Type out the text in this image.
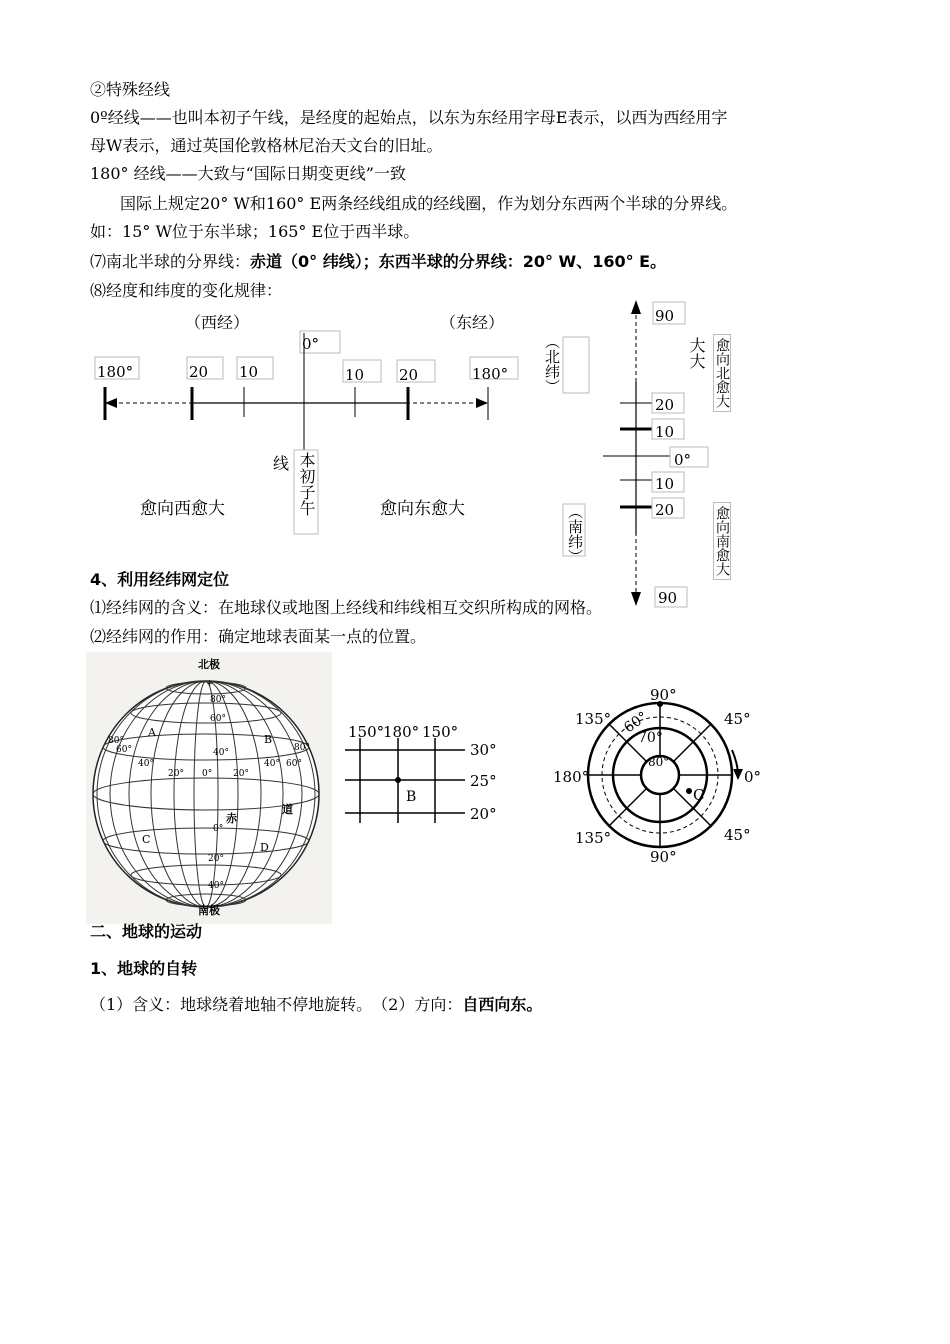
②特殊经线
0º经线——也叫本初子午线，是经度的起始点，以东为东经用字母E表示，以西为西经用字
母W表示，通过英国伦敦格林尼治天文台的旧址。
180° 经线——大致与“国际日期变更线”一致
国际上规定20° W和160° E两条经线组成的经线圈，作为划分东西两个半球的分界线。
如：15° W位于东半球；165° E位于西半球。
⑺南北半球的分界线：赤道（0° 纬线）；东西半球的分界线：20° W、160° E。
⑻经度和纬度的变化规律：
（西经）	（东经）
0°
180°	20 10	10 20	180°
线
愈向西愈大	愈向东愈大
本初子午
90
20
10
0°
10
20
90
（北纬）
（南纬）
大大 愈向北愈大
愈向南愈大
4、利用经纬网定位
⑴经纬网的含义：在地球仪或地图上经线和纬线相互交织所构成的网格。
⑵经纬网的作用：确定地球表面某一点的位置。
北极
南极
+
80°
60°
40°
0°
20°
40°
80°
60°
40°
20° 0° 20°
40° 60°
80°
A
B
C
D
赤
道
150°
180° 150°
B
30°
25°
20°
90°
45°
0°
45°
90°
135°
180°
135°
60°
70°
80°
C
二、地球的运动
1、地球的自转
（1）含义：地球绕着地轴不停地旋转。　（2）方向：自西向东。
